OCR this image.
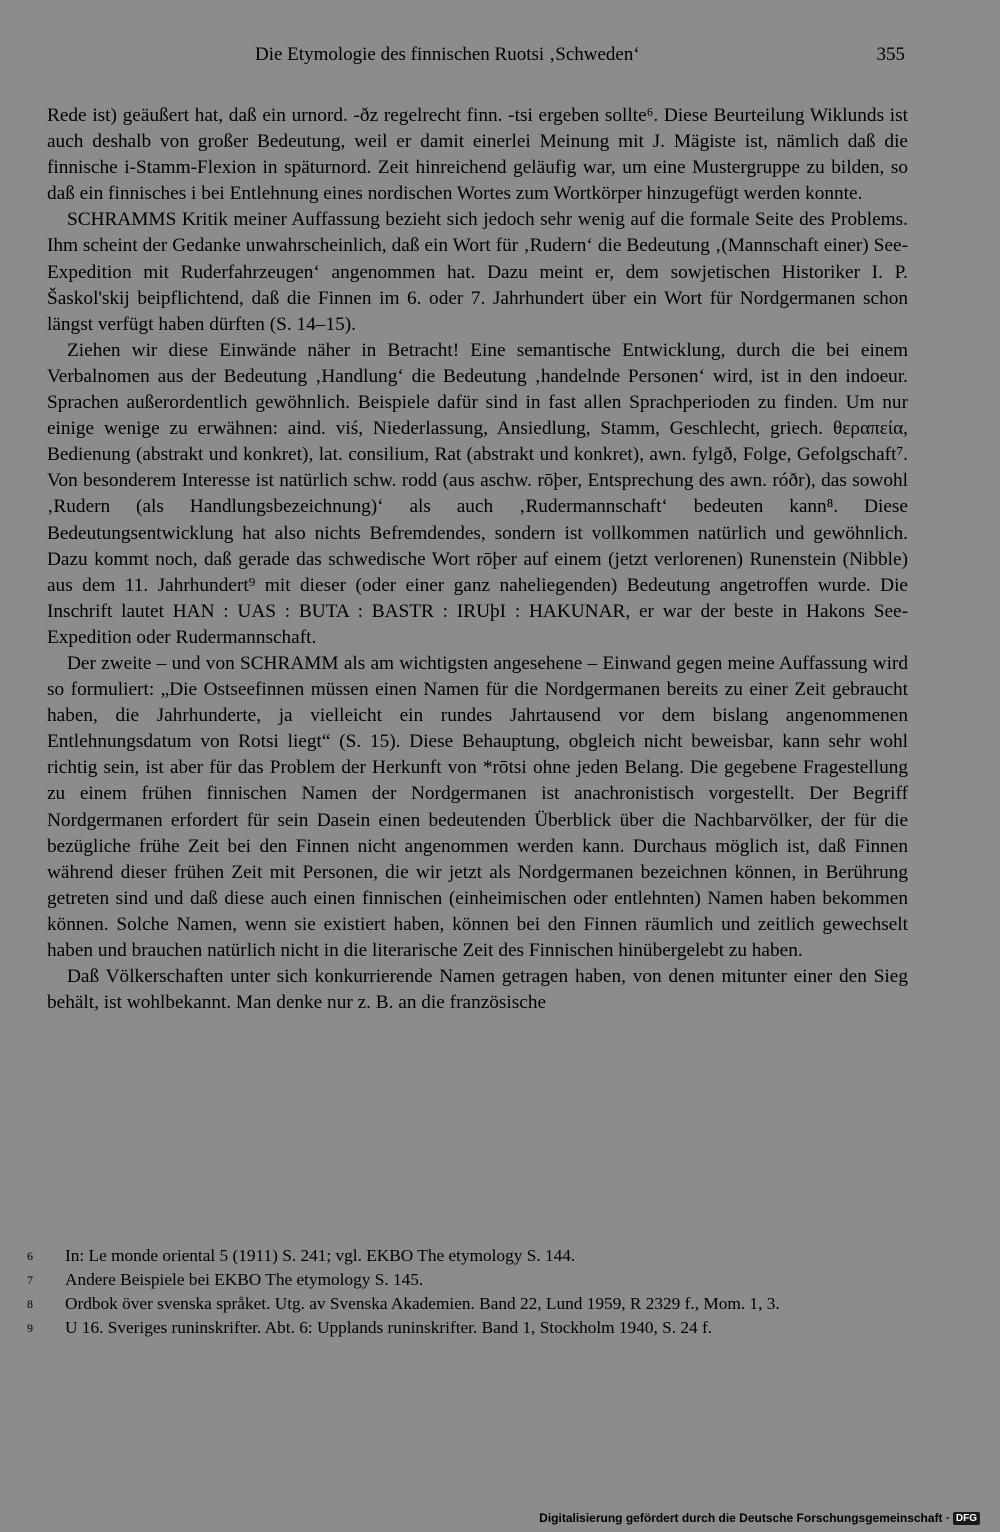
Die Etymologie des finnischen Ruotsi ‚Schweden‘	355

Rede ist) geäußert hat, daß ein urnord. -ðz regelrecht finn. -tsi ergeben sollte⁶. Diese Beurteilung Wiklunds ist auch deshalb von großer Bedeutung, weil er damit einerlei Meinung mit J. Mägiste ist, nämlich daß die finnische i-Stamm-Flexion in späturnord. Zeit hinreichend geläufig war, um eine Mustergruppe zu bilden, so daß ein finnisches i bei Entlehnung eines nordischen Wortes zum Wortkörper hinzugefügt werden konnte.

SCHRAMMS Kritik meiner Auffassung bezieht sich jedoch sehr wenig auf die formale Seite des Problems. Ihm scheint der Gedanke unwahrscheinlich, daß ein Wort für ‚Rudern‘ die Bedeutung ‚(Mannschaft einer) See-Expedition mit Ruderfahrzeugen‘ angenommen hat. Dazu meint er, dem sowjetischen Historiker I. P. Šaskol'skij beipflichtend, daß die Finnen im 6. oder 7. Jahrhundert über ein Wort für Nordgermanen schon längst verfügt haben dürften (S. 14–15).

Ziehen wir diese Einwände näher in Betracht! Eine semantische Entwicklung, durch die bei einem Verbalnomen aus der Bedeutung ‚Handlung‘ die Bedeutung ‚handelnde Personen‘ wird, ist in den indoeur. Sprachen außerordentlich gewöhnlich. Beispiele dafür sind in fast allen Sprachperioden zu finden. Um nur einige wenige zu erwähnen: aind. viś, Niederlassung, Ansiedlung, Stamm, Geschlecht, griech. θεραπεία, Bedienung (abstrakt und konkret), lat. consilium, Rat (abstrakt und konkret), awn. fylgð, Folge, Gefolgschaft⁷. Von besonderem Interesse ist natürlich schw. rodd (aus aschw. rōþer, Entsprechung des awn. róðr), das sowohl ‚Rudern (als Handlungsbezeichnung)‘ als auch ‚Rudermannschaft‘ bedeuten kann⁸. Diese Bedeutungsentwicklung hat also nichts Befremdendes, sondern ist vollkommen natürlich und gewöhnlich. Dazu kommt noch, daß gerade das schwedische Wort rōþer auf einem (jetzt verlorenen) Runenstein (Nibble) aus dem 11. Jahrhundert⁹ mit dieser (oder einer ganz naheliegenden) Bedeutung angetroffen wurde. Die Inschrift lautet HAN : UAS : BUTA : BASTR : IRUþI : HAKUNAR, er war der beste in Hakons See-Expedition oder Rudermannschaft.

Der zweite – und von SCHRAMM als am wichtigsten angesehene – Einwand gegen meine Auffassung wird so formuliert: „Die Ostseefinnen müssen einen Namen für die Nordgermanen bereits zu einer Zeit gebraucht haben, die Jahrhunderte, ja vielleicht ein rundes Jahrtausend vor dem bislang angenommenen Entlehnungsdatum von Rotsi liegt“ (S. 15). Diese Behauptung, obgleich nicht beweisbar, kann sehr wohl richtig sein, ist aber für das Problem der Herkunft von *rōtsi ohne jeden Belang. Die gegebene Fragestellung zu einem frühen finnischen Namen der Nordgermanen ist anachronistisch vorgestellt. Der Begriff Nordgermanen erfordert für sein Dasein einen bedeutenden Überblick über die Nachbarvölker, der für die bezügliche frühe Zeit bei den Finnen nicht angenommen werden kann. Durchaus möglich ist, daß Finnen während dieser frühen Zeit mit Personen, die wir jetzt als Nordgermanen bezeichnen können, in Berührung getreten sind und daß diese auch einen finnischen (einheimischen oder entlehnten) Namen haben bekommen können. Solche Namen, wenn sie existiert haben, können bei den Finnen räumlich und zeitlich gewechselt haben und brauchen natürlich nicht in die literarische Zeit des Finnischen hinübergelebt zu haben.

Daß Völkerschaften unter sich konkurrierende Namen getragen haben, von denen mitunter einer den Sieg behält, ist wohlbekannt. Man denke nur z. B. an die französische

6 In: Le monde oriental 5 (1911) S. 241; vgl. EKBO The etymology S. 144.

7 Andere Beispiele bei EKBO The etymology S. 145.

8 Ordbok över svenska språket. Utg. av Svenska Akademien. Band 22, Lund 1959, R 2329 f., Mom. 1, 3.

9 U 16. Sveriges runinskrifter. Abt. 6: Upplands runinskrifter. Band 1, Stockholm 1940, S. 24 f.

Digitalisierung gefördert durch die Deutsche Forschungsgemeinschaft · DFG
